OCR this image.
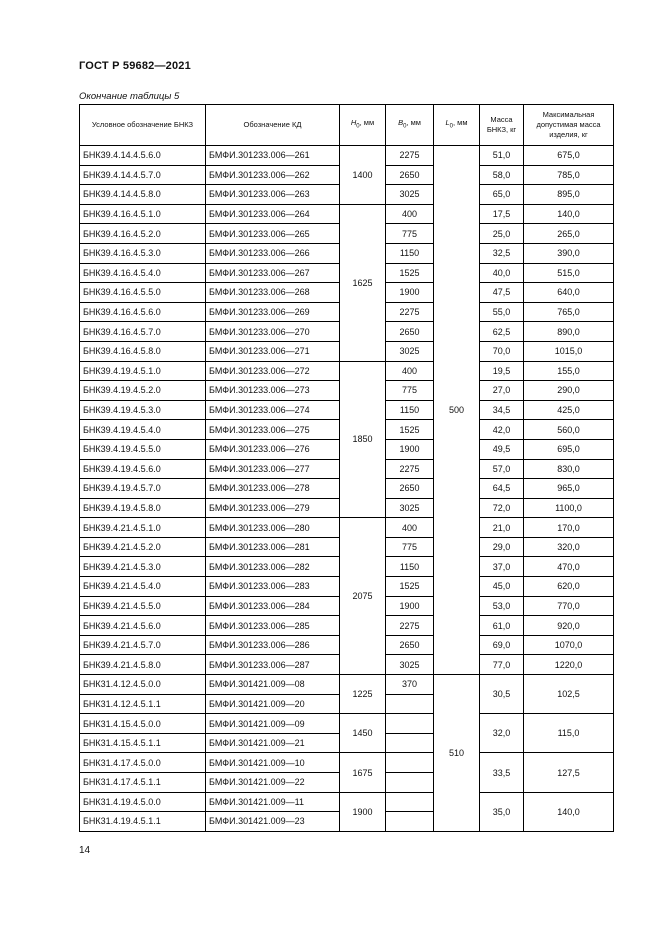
ГОСТ Р 59682—2021
Окончание таблицы 5
Условное обозначение БНКЗ	Обозначение КД	$H_0$, мм	$B_0$, мм	$L_0$, мм	Масса БНКЗ, кг	Максимальная допустимая масса изделия, кг
БНК39.4.14.4.5.6.0	БМФИ.301233.006—261	1400	2275	500	51,0	675,0
БНК39.4.14.4.5.7.0	БМФИ.301233.006—262		2650		58,0	785,0
БНК39.4.14.4.5.8.0	БМФИ.301233.006—263		3025		65,0	895,0
БНК39.4.16.4.5.1.0	БМФИ.301233.006—264	1625	400		17,5	140,0
БНК39.4.16.4.5.2.0	БМФИ.301233.006—265		775		25,0	265,0
БНК39.4.16.4.5.3.0	БМФИ.301233.006—266		1150		32,5	390,0
БНК39.4.16.4.5.4.0	БМФИ.301233.006—267		1525		40,0	515,0
БНК39.4.16.4.5.5.0	БМФИ.301233.006—268		1900		47,5	640,0
БНК39.4.16.4.5.6.0	БМФИ.301233.006—269		2275		55,0	765,0
БНК39.4.16.4.5.7.0	БМФИ.301233.006—270		2650		62,5	890,0
БНК39.4.16.4.5.8.0	БМФИ.301233.006—271		3025		70,0	1015,0
БНК39.4.19.4.5.1.0	БМФИ.301233.006—272	1850	400		19,5	155,0
БНК39.4.19.4.5.2.0	БМФИ.301233.006—273		775		27,0	290,0
БНК39.4.19.4.5.3.0	БМФИ.301233.006—274		1150		34,5	425,0
БНК39.4.19.4.5.4.0	БМФИ.301233.006—275		1525		42,0	560,0
БНК39.4.19.4.5.5.0	БМФИ.301233.006—276		1900		49,5	695,0
БНК39.4.19.4.5.6.0	БМФИ.301233.006—277		2275		57,0	830,0
БНК39.4.19.4.5.7.0	БМФИ.301233.006—278		2650		64,5	965,0
БНК39.4.19.4.5.8.0	БМФИ.301233.006—279		3025		72,0	1100,0
БНК39.4.21.4.5.1.0	БМФИ.301233.006—280	2075	400		21,0	170,0
БНК39.4.21.4.5.2.0	БМФИ.301233.006—281		775		29,0	320,0
БНК39.4.21.4.5.3.0	БМФИ.301233.006—282		1150		37,0	470,0
БНК39.4.21.4.5.4.0	БМФИ.301233.006—283		1525		45,0	620,0
БНК39.4.21.4.5.5.0	БМФИ.301233.006—284		1900		53,0	770,0
БНК39.4.21.4.5.6.0	БМФИ.301233.006—285		2275		61,0	920,0
БНК39.4.21.4.5.7.0	БМФИ.301233.006—286		2650		69,0	1070,0
БНК39.4.21.4.5.8.0	БМФИ.301233.006—287		3025		77,0	1220,0
БНК31.4.12.4.5.0.0	БМФИ.301421.009—08	1225	370	510	30,5	102,5
БНК31.4.12.4.5.1.1	БМФИ.301421.009—20					
БНК31.4.15.4.5.0.0	БМФИ.301421.009—09	1450			32,0	115,0
БНК31.4.15.4.5.1.1	БМФИ.301421.009—21					
БНК31.4.17.4.5.0.0	БМФИ.301421.009—10	1675			33,5	127,5
БНК31.4.17.4.5.1.1	БМФИ.301421.009—22					
БНК31.4.19.4.5.0.0	БМФИ.301421.009—11	1900			35,0	140,0
БНК31.4.19.4.5.1.1	БМФИ.301421.009—23					
14
